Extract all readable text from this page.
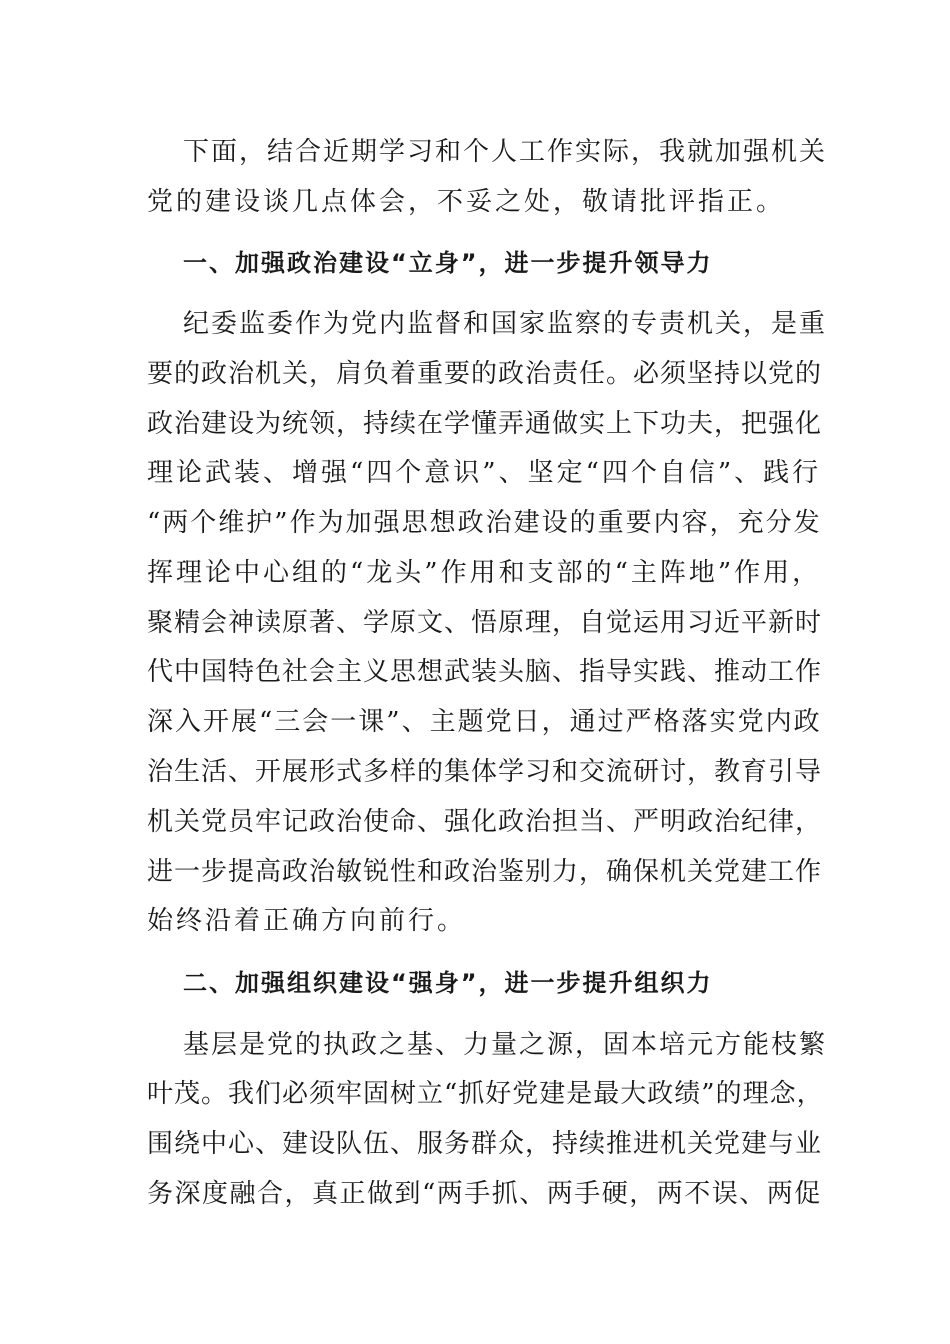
下面，结合近期学习和个人工作实际，我就加强机关
党的建设谈几点体会，不妥之处，敬请批评指正。
一、加强政治建设“立身”，进一步提升领导力
纪委监委作为党内监督和国家监察的专责机关，是重
要的政治机关，肩负着重要的政治责任。必须坚持以党的
政治建设为统领，持续在学懂弄通做实上下功夫，把强化
理论武装、增强“四个意识”、坚定“四个自信”、践行
“两个维护”作为加强思想政治建设的重要内容，充分发
挥理论中心组的“龙头”作用和支部的“主阵地”作用，
聚精会神读原著、学原文、悟原理，自觉运用习近平新时
代中国特色社会主义思想武装头脑、指导实践、推动工作
深入开展“三会一课”、主题党日，通过严格落实党内政
治生活、开展形式多样的集体学习和交流研讨，教育引导
机关党员牢记政治使命、强化政治担当、严明政治纪律，
进一步提高政治敏锐性和政治鉴别力，确保机关党建工作
始终沿着正确方向前行。
二、加强组织建设“强身”，进一步提升组织力
基层是党的执政之基、力量之源，固本培元方能枝繁
叶茂。我们必须牢固树立“抓好党建是最大政绩”的理念，
围绕中心、建设队伍、服务群众，持续推进机关党建与业
务深度融合，真正做到“两手抓、两手硬，两不误、两促
